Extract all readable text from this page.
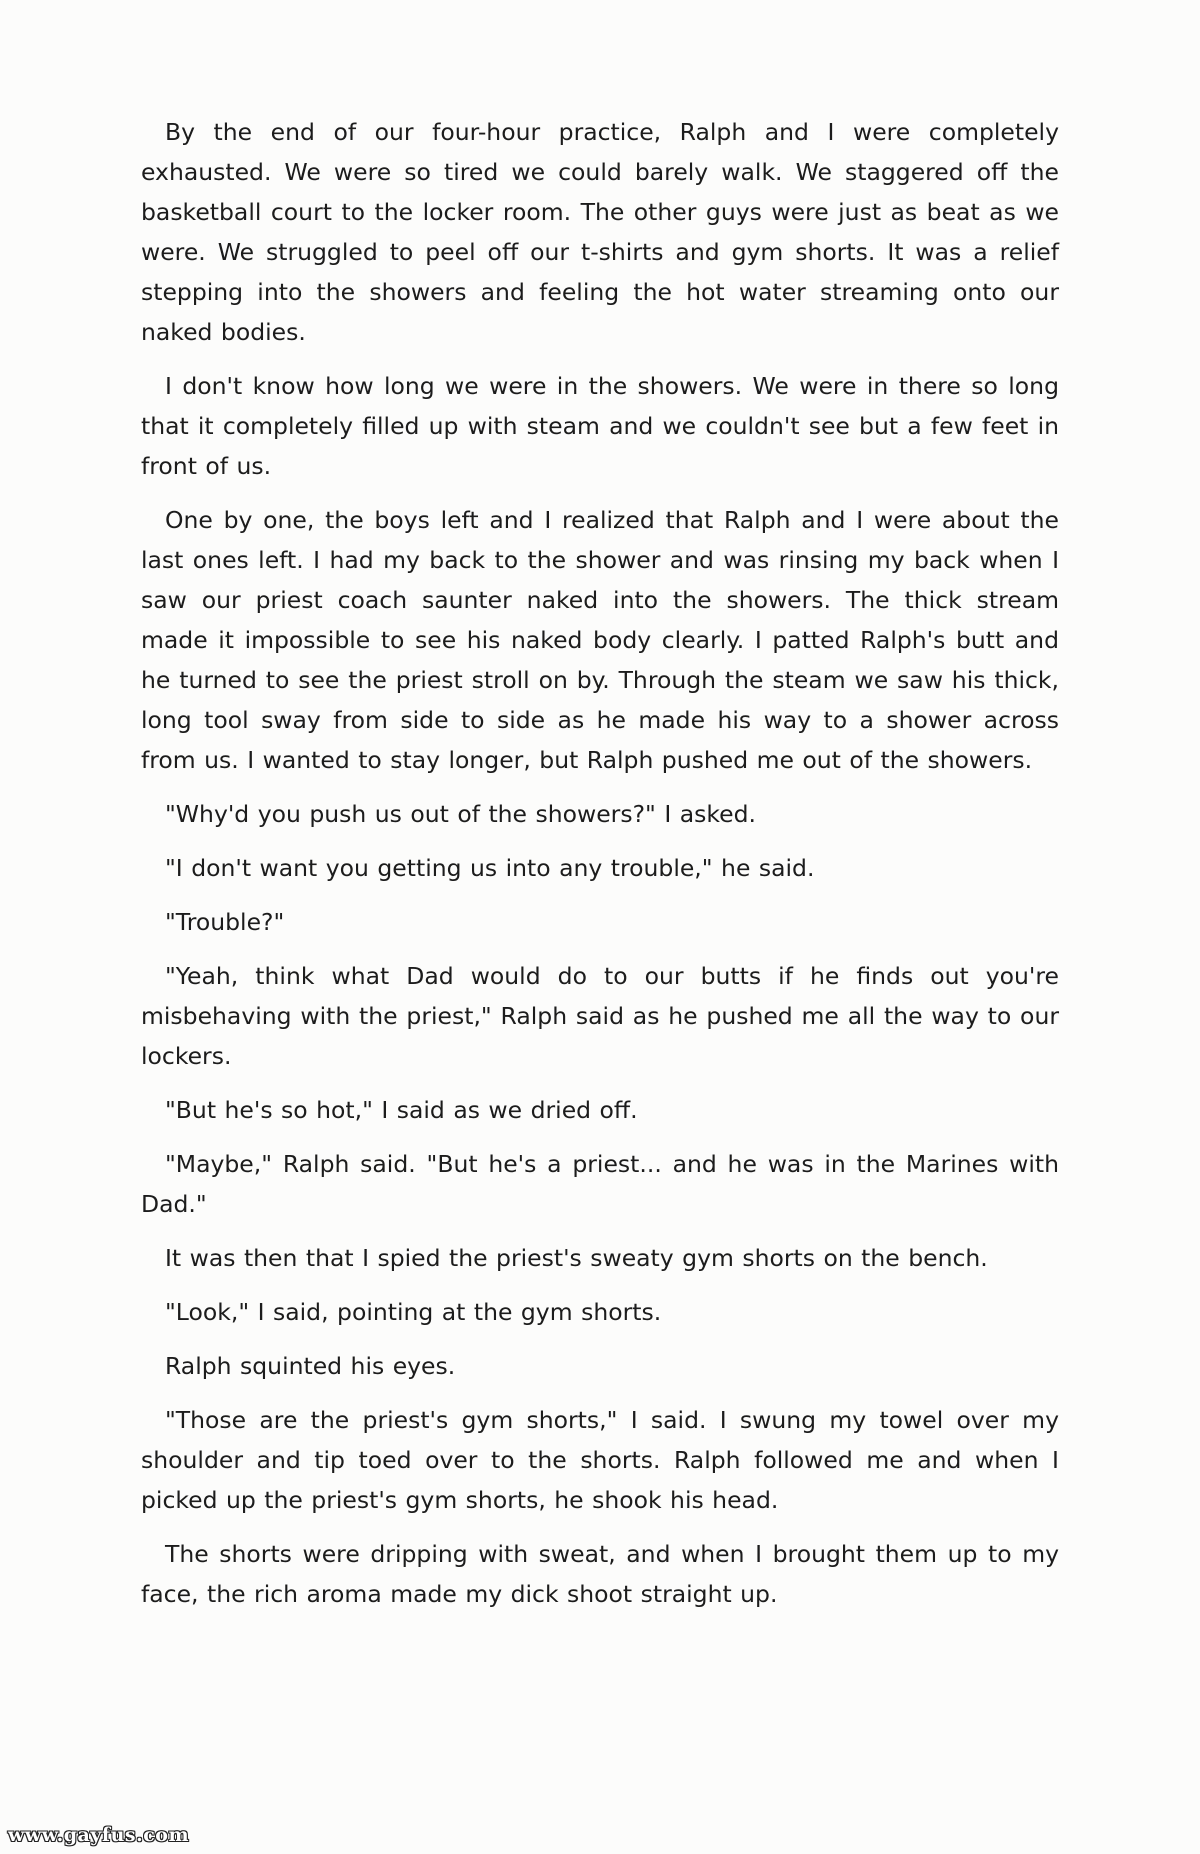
By the end of our four-hour practice, Ralph and I were completely exhausted. We were so tired we could barely walk. We staggered off the basketball court to the locker room. The other guys were just as beat as we were. We struggled to peel off our t-shirts and gym shorts. It was a relief stepping into the showers and feeling the hot water streaming onto our naked bodies.

I don't know how long we were in the showers. We were in there so long that it completely filled up with steam and we couldn't see but a few feet in front of us.

One by one, the boys left and I realized that Ralph and I were about the last ones left. I had my back to the shower and was rinsing my back when I saw our priest coach saunter naked into the showers. The thick stream made it impossible to see his naked body clearly. I patted Ralph's butt and he turned to see the priest stroll on by. Through the steam we saw his thick, long tool sway from side to side as he made his way to a shower across from us. I wanted to stay longer, but Ralph pushed me out of the showers.

"Why'd you push us out of the showers?" I asked.

"I don't want you getting us into any trouble," he said.

"Trouble?"

"Yeah, think what Dad would do to our butts if he finds out you're misbehaving with the priest," Ralph said as he pushed me all the way to our lockers.

"But he's so hot," I said as we dried off.

"Maybe," Ralph said. "But he's a priest... and he was in the Marines with Dad."

It was then that I spied the priest's sweaty gym shorts on the bench.

"Look," I said, pointing at the gym shorts.

Ralph squinted his eyes.

"Those are the priest's gym shorts," I said. I swung my towel over my shoulder and tip toed over to the shorts. Ralph followed me and when I picked up the priest's gym shorts, he shook his head.

The shorts were dripping with sweat, and when I brought them up to my face, the rich aroma made my dick shoot straight up.

www.gayfus.com
